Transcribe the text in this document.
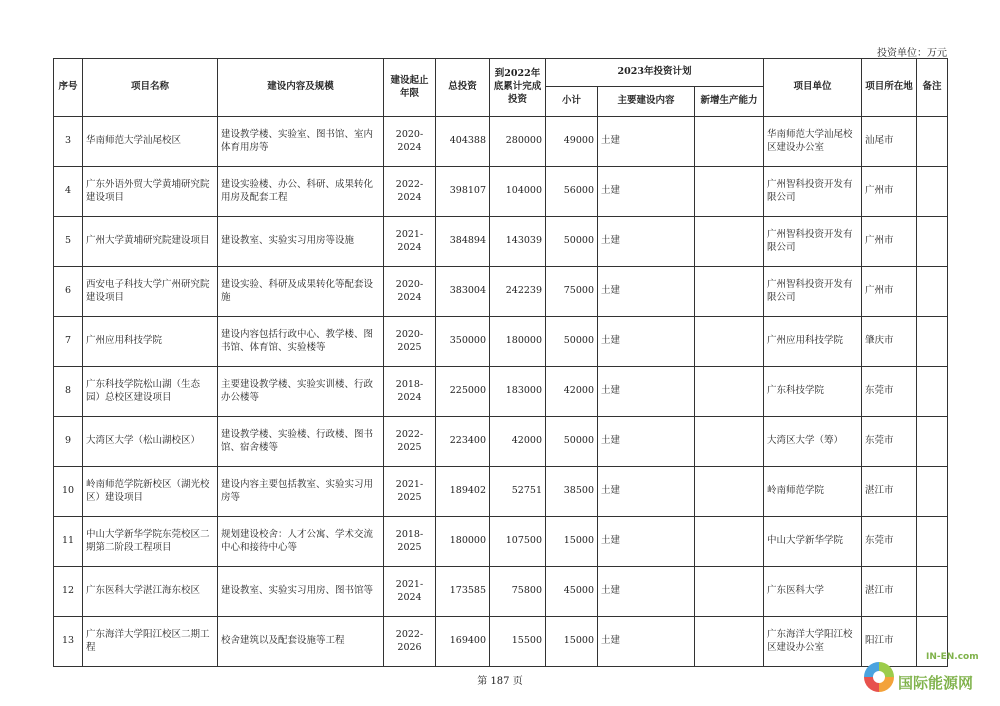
投资单位：万元
序号	项目名称	建设内容及规模	建设起止年限	总投资	到2022年底累计完成投资	2023年投资计划			项目单位	项目所在地	备注
						小计	主要建设内容	新增生产能力			
3	华南师范大学汕尾校区	建设教学楼、实验室、图书馆、室内体育用房等	2020-2024	404388	280000	49000	土建		华南师范大学汕尾校区建设办公室	汕尾市	
4	广东外语外贸大学黄埔研究院建设项目	建设实验楼、办公、科研、成果转化用房及配套工程	2022-2024	398107	104000	56000	土建		广州智科投资开发有限公司	广州市	
5	广州大学黄埔研究院建设项目	建设教室、实验实习用房等设施	2021-2024	384894	143039	50000	土建		广州智科投资开发有限公司	广州市	
6	西安电子科技大学广州研究院建设项目	建设实验、科研及成果转化等配套设施	2020-2024	383004	242239	75000	土建		广州智科投资开发有限公司	广州市	
7	广州应用科技学院	建设内容包括行政中心、教学楼、图书馆、体育馆、实验楼等	2020-2025	350000	180000	50000	土建		广州应用科技学院	肇庆市	
8	广东科技学院松山湖（生态园）总校区建设项目	主要建设教学楼、实验实训楼、行政办公楼等	2018-2024	225000	183000	42000	土建		广东科技学院	东莞市	
9	大湾区大学（松山湖校区）	建设教学楼、实验楼、行政楼、图书馆、宿舍楼等	2022-2025	223400	42000	50000	土建		大湾区大学（筹）	东莞市	
10	岭南师范学院新校区（湖光校区）建设项目	建设内容主要包括教室、实验实习用房等	2021-2025	189402	52751	38500	土建		岭南师范学院	湛江市	
11	中山大学新华学院东莞校区二期第二阶段工程项目	规划建设校舍：人才公寓、学术交流中心和接待中心等	2018-2025	180000	107500	15000	土建		中山大学新华学院	东莞市	
12	广东医科大学湛江海东校区	建设教室、实验实习用房、图书馆等	2021-2024	173585	75800	45000	土建		广东医科大学	湛江市	
13	广东海洋大学阳江校区二期工程	校舍建筑以及配套设施等工程	2022-2026	169400	15500	15000	土建		广东海洋大学阳江校区建设办公室	阳江市	
第 187 页
IN-EN.com
国际能源网
